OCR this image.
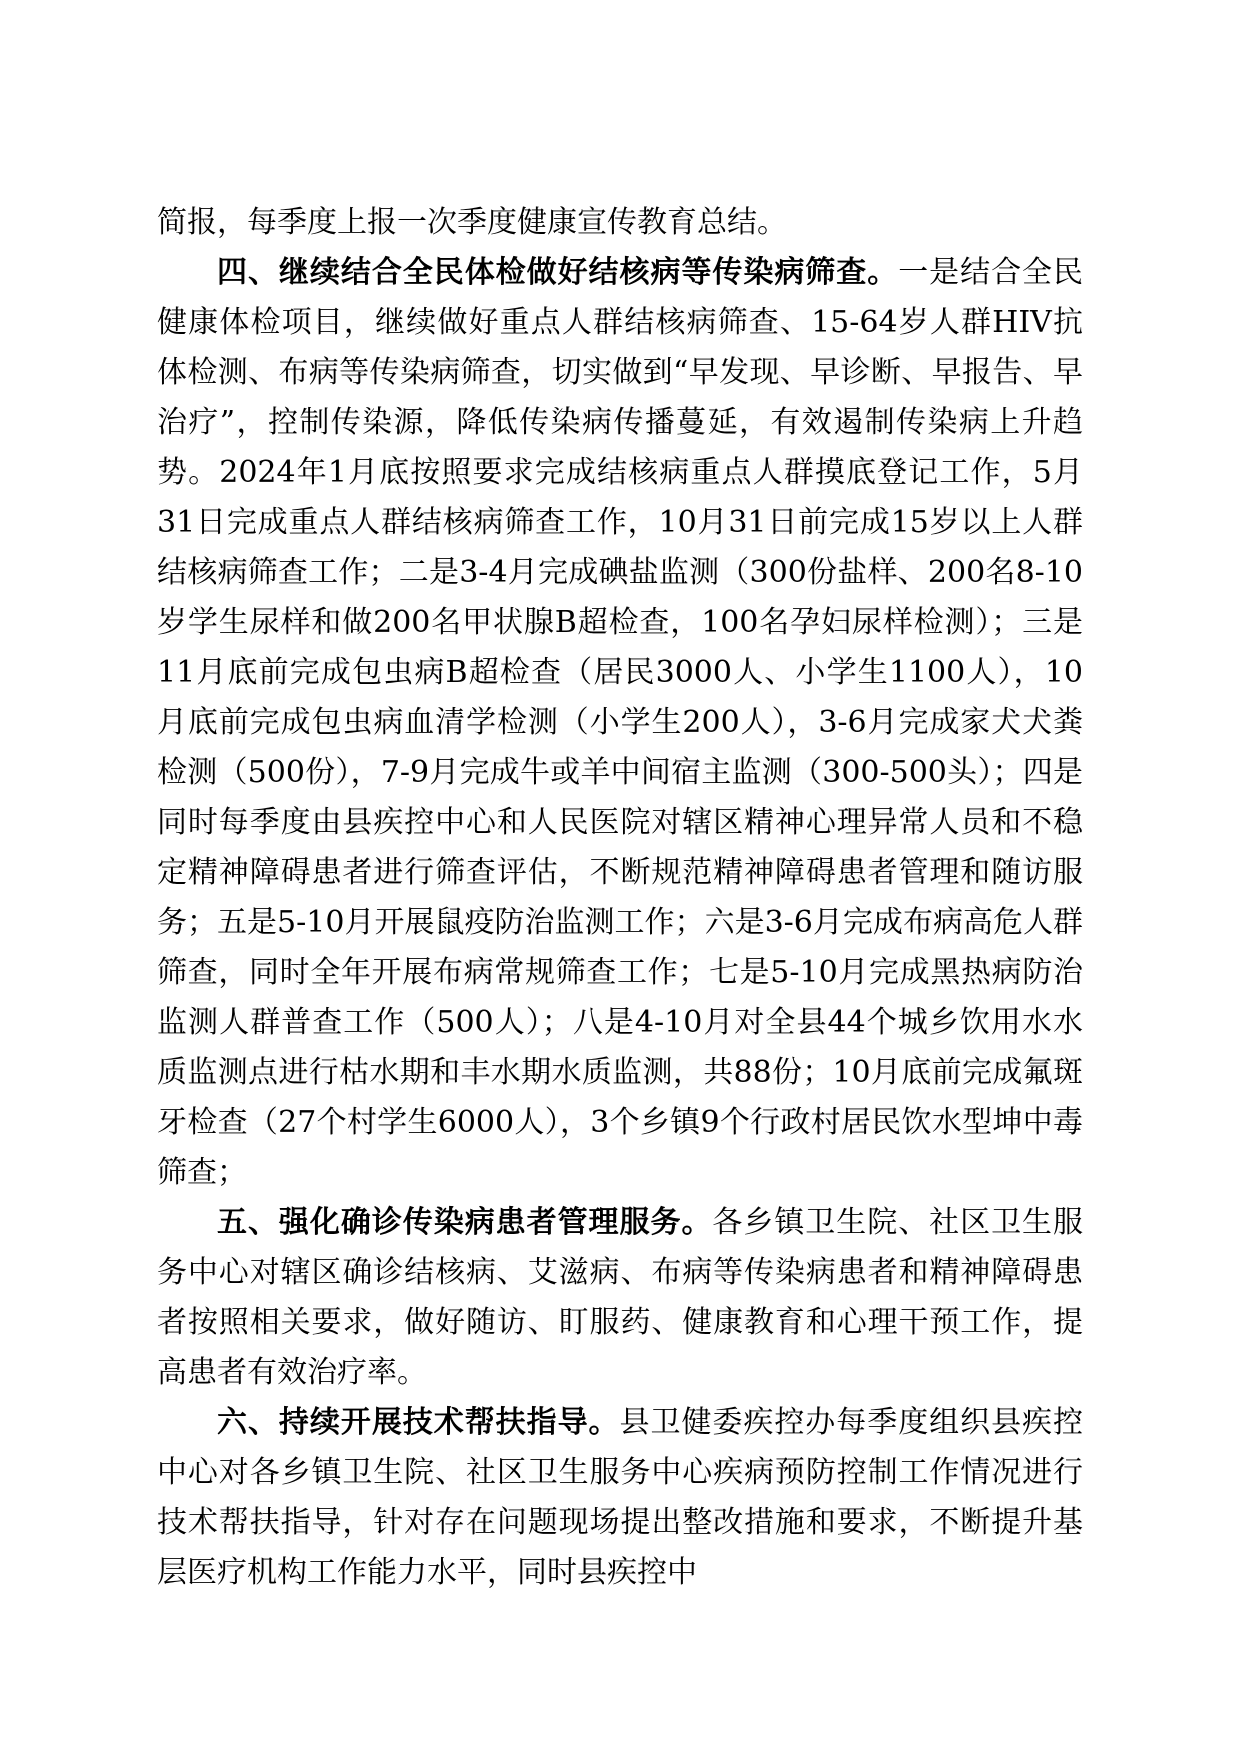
简报，每季度上报一次季度健康宣传教育总结。

四、继续结合全民体检做好结核病等传染病筛查。一是结合全民健康体检项目，继续做好重点人群结核病筛查、15-64岁人群HIV抗体检测、布病等传染病筛查，切实做到“早发现、早诊断、早报告、早治疗”，控制传染源，降低传染病传播蔓延，有效遏制传染病上升趋势。2024年1月底按照要求完成结核病重点人群摸底登记工作，5月31日完成重点人群结核病筛查工作，10月31日前完成15岁以上人群结核病筛查工作；二是3-4月完成碘盐监测（300份盐样、200名8-10岁学生尿样和做200名甲状腺B超检查，100名孕妇尿样检测）；三是11月底前完成包虫病B超检查（居民3000人、小学生1100人），10月底前完成包虫病血清学检测（小学生200人），3-6月完成家犬犬粪检测（500份），7-9月完成牛或羊中间宿主监测（300-500头）；四是同时每季度由县疾控中心和人民医院对辖区精神心理异常人员和不稳定精神障碍患者进行筛查评估，不断规范精神障碍患者管理和随访服务；五是5-10月开展鼠疫防治监测工作；六是3-6月完成布病高危人群筛查，同时全年开展布病常规筛查工作；七是5-10月完成黑热病防治监测人群普查工作（500人）；八是4-10月对全县44个城乡饮用水水质监测点进行枯水期和丰水期水质监测，共88份；10月底前完成氟斑牙检查（27个村学生6000人），3个乡镇9个行政村居民饮水型坤中毒筛查；

五、强化确诊传染病患者管理服务。各乡镇卫生院、社区卫生服务中心对辖区确诊结核病、艾滋病、布病等传染病患者和精神障碍患者按照相关要求，做好随访、盯服药、健康教育和心理干预工作，提高患者有效治疗率。

六、持续开展技术帮扶指导。县卫健委疾控办每季度组织县疾控中心对各乡镇卫生院、社区卫生服务中心疾病预防控制工作情况进行技术帮扶指导，针对存在问题现场提出整改措施和要求，不断提升基层医疗机构工作能力水平，同时县疾控中
